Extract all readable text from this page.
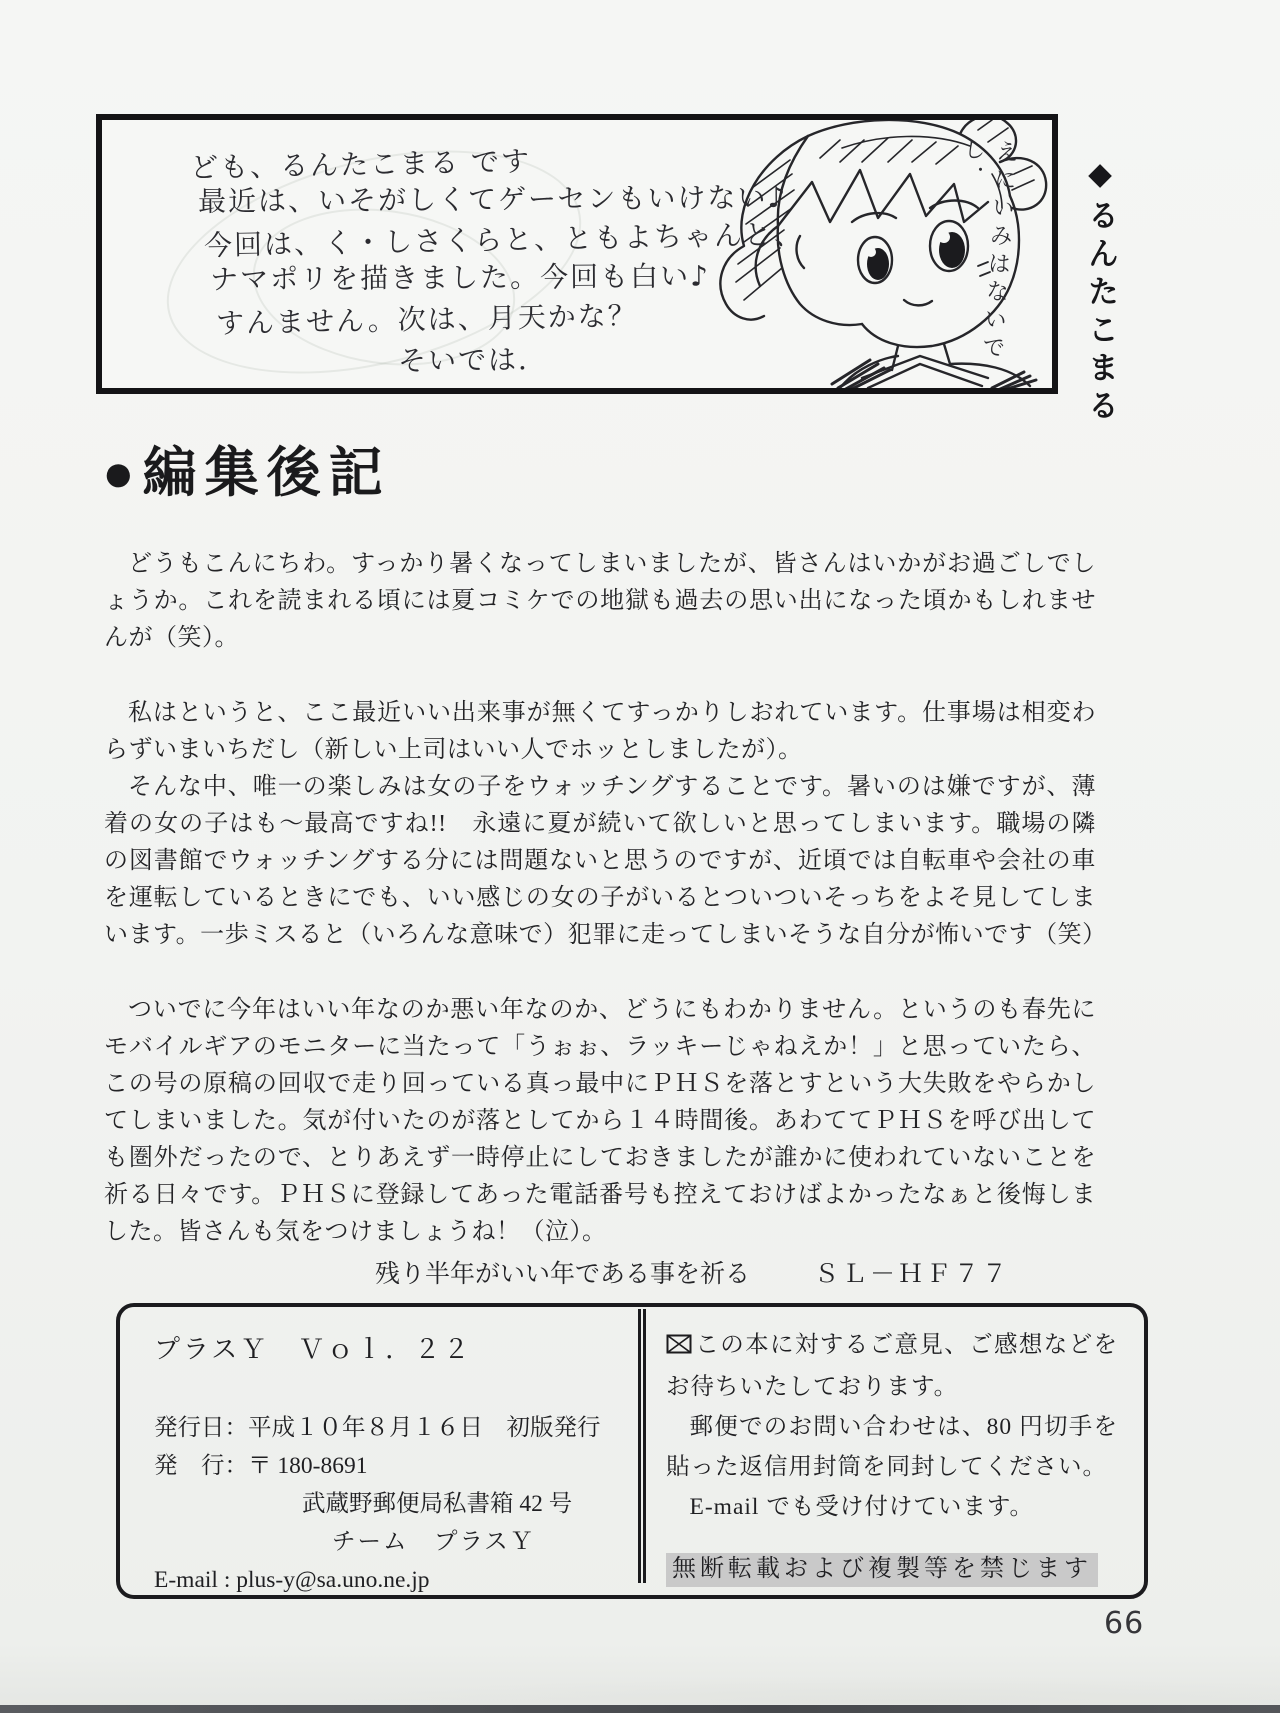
ども、るんたこまる です
最近は、いそがしくてゲーセンもいけない♪
今回は、く・しさくらと、ともよちゃんと、
ナマポリを描きました。今回も白い♪
すんません。次は、月天かな？
そいでは．	えにいみはないでし．	◆るんたこまる
●編集後記

どうもこんにちわ。すっかり暑くなってしまいましたが、皆さんはいかがお過ごしでしょうか。これを読まれる頃には夏コミケでの地獄も過去の思い出になった頃かもしれませんが（笑）。

私はというと、ここ最近いい出来事が無くてすっかりしおれています。仕事場は相変わらずいまいちだし（新しい上司はいい人でホッとしましたが）。

そんな中、唯一の楽しみは女の子をウォッチングすることです。暑いのは嫌ですが、薄着の女の子はも～最高ですね!!　永遠に夏が続いて欲しいと思ってしまいます。職場の隣の図書館でウォッチングする分には問題ないと思うのですが、近頃では自転車や会社の車を運転しているときにでも、いい感じの女の子がいるとついついそっちをよそ見してしまいます。一歩ミスると（いろんな意味で）犯罪に走ってしまいそうな自分が怖いです（笑）

ついでに今年はいい年なのか悪い年なのか、どうにもわかりません。というのも春先にモバイルギアのモニターに当たって「うぉぉ、ラッキーじゃねえか！」と思っていたら、この号の原稿の回収で走り回っている真っ最中にＰＨＳを落とすという大失敗をやらかしてしまいました。気が付いたのが落としてから１４時間後。あわててＰＨＳを呼び出しても圏外だったので、とりあえず一時停止にしておきましたが誰かに使われていないことを祈る日々です。ＰＨＳに登録してあった電話番号も控えておけばよかったなぁと後悔しました。皆さんも気をつけましょうね！（泣）。

残り半年がいい年である事を祈る	ＳＬ－ＨＦ７７
プラスＹ　Ｖｏｌ．２２
発行日：平成１０年８月１６日　初版発行
発　行：〒 180-8691
武蔵野郵便局私書箱 42 号
チーム　プラスＹ
E-mail : plus-y@sa.uno.ne.jp

この本に対するご意見、ご感想などをお待ちいたしております。

郵便でのお問い合わせは、80 円切手を貼った返信用封筒を同封してください。

E-mail でも受け付けています。

無断転載および複製等を禁じます
66
